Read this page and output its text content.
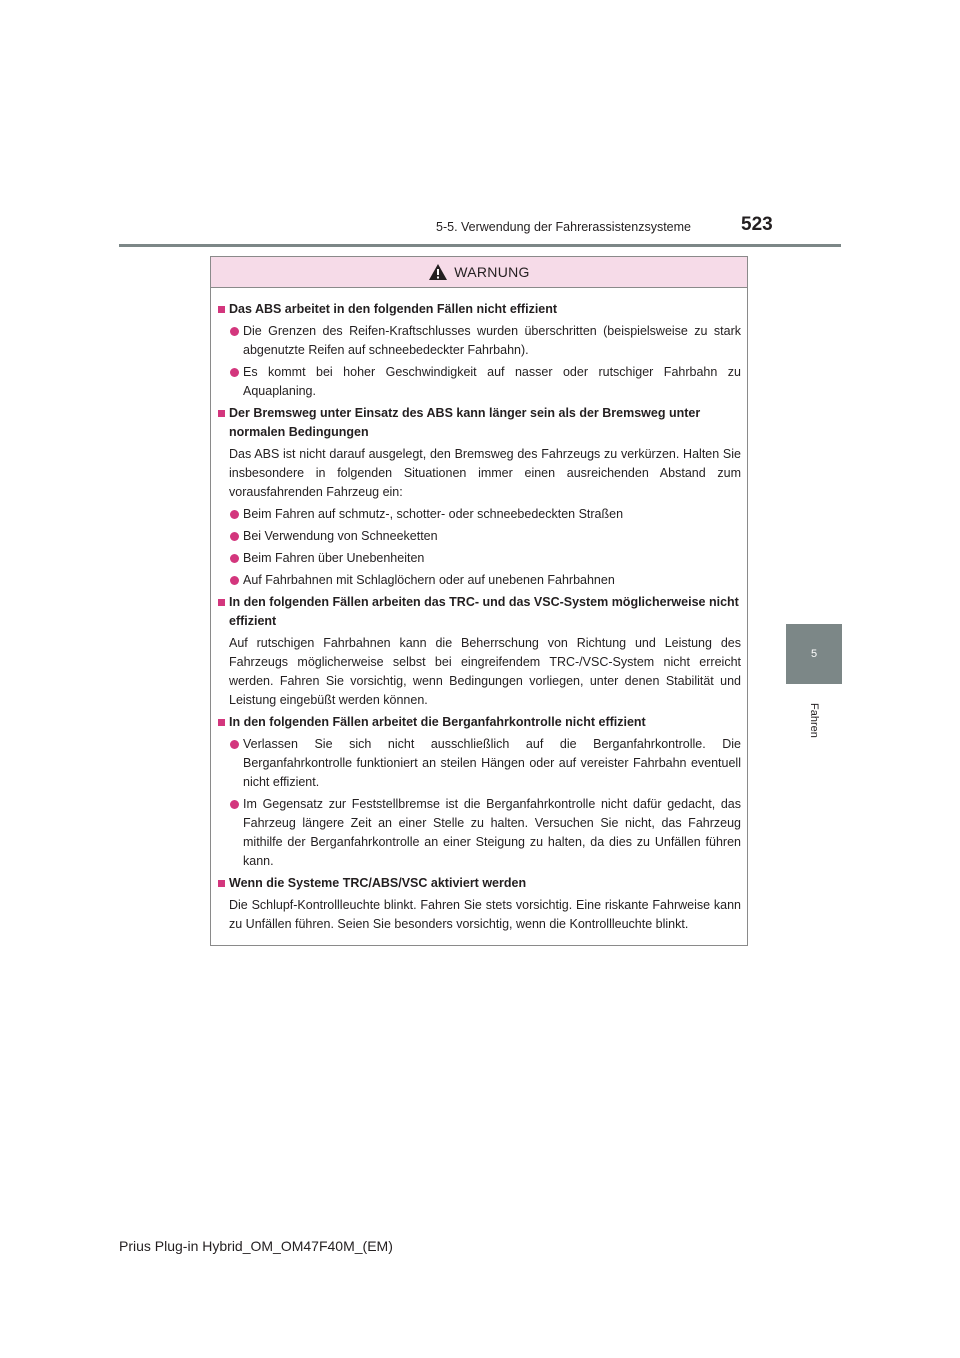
5-5. Verwendung der Fahrerassistenzsysteme	523
5
Fahren
WARNUNG
Das ABS arbeitet in den folgenden Fällen nicht effizient
Die Grenzen des Reifen-Kraftschlusses wurden überschritten (beispielsweise zu stark abgenutzte Reifen auf schneebedeckter Fahrbahn).
Es kommt bei hoher Geschwindigkeit auf nasser oder rutschiger Fahrbahn zu Aquaplaning.
Der Bremsweg unter Einsatz des ABS kann länger sein als der Bremsweg unter normalen Bedingungen
Das ABS ist nicht darauf ausgelegt, den Bremsweg des Fahrzeugs zu verkürzen. Halten Sie insbesondere in folgenden Situationen immer einen ausreichenden Abstand zum vorausfahrenden Fahrzeug ein:
Beim Fahren auf schmutz-, schotter- oder schneebedeckten Straßen
Bei Verwendung von Schneeketten
Beim Fahren über Unebenheiten
Auf Fahrbahnen mit Schlaglöchern oder auf unebenen Fahrbahnen
In den folgenden Fällen arbeiten das TRC- und das VSC-System möglicherweise nicht effizient
Auf rutschigen Fahrbahnen kann die Beherrschung von Richtung und Leistung des Fahrzeugs möglicherweise selbst bei eingreifendem TRC-/VSC-System nicht erreicht werden. Fahren Sie vorsichtig, wenn Bedingungen vorliegen, unter denen Stabilität und Leistung eingebüßt werden können.
In den folgenden Fällen arbeitet die Berganfahrkontrolle nicht effizient
Verlassen Sie sich nicht ausschließlich auf die Berganfahrkontrolle. Die Berganfahrkontrolle funktioniert an steilen Hängen oder auf vereister Fahrbahn eventuell nicht effizient.
Im Gegensatz zur Feststellbremse ist die Berganfahrkontrolle nicht dafür gedacht, das Fahrzeug längere Zeit an einer Stelle zu halten. Versuchen Sie nicht, das Fahrzeug mithilfe der Berganfahrkontrolle an einer Steigung zu halten, da dies zu Unfällen führen kann.
Wenn die Systeme TRC/ABS/VSC aktiviert werden
Die Schlupf-Kontrollleuchte blinkt. Fahren Sie stets vorsichtig. Eine riskante Fahrweise kann zu Unfällen führen. Seien Sie besonders vorsichtig, wenn die Kontrollleuchte blinkt.
Prius Plug-in Hybrid_OM_OM47F40M_(EM)
